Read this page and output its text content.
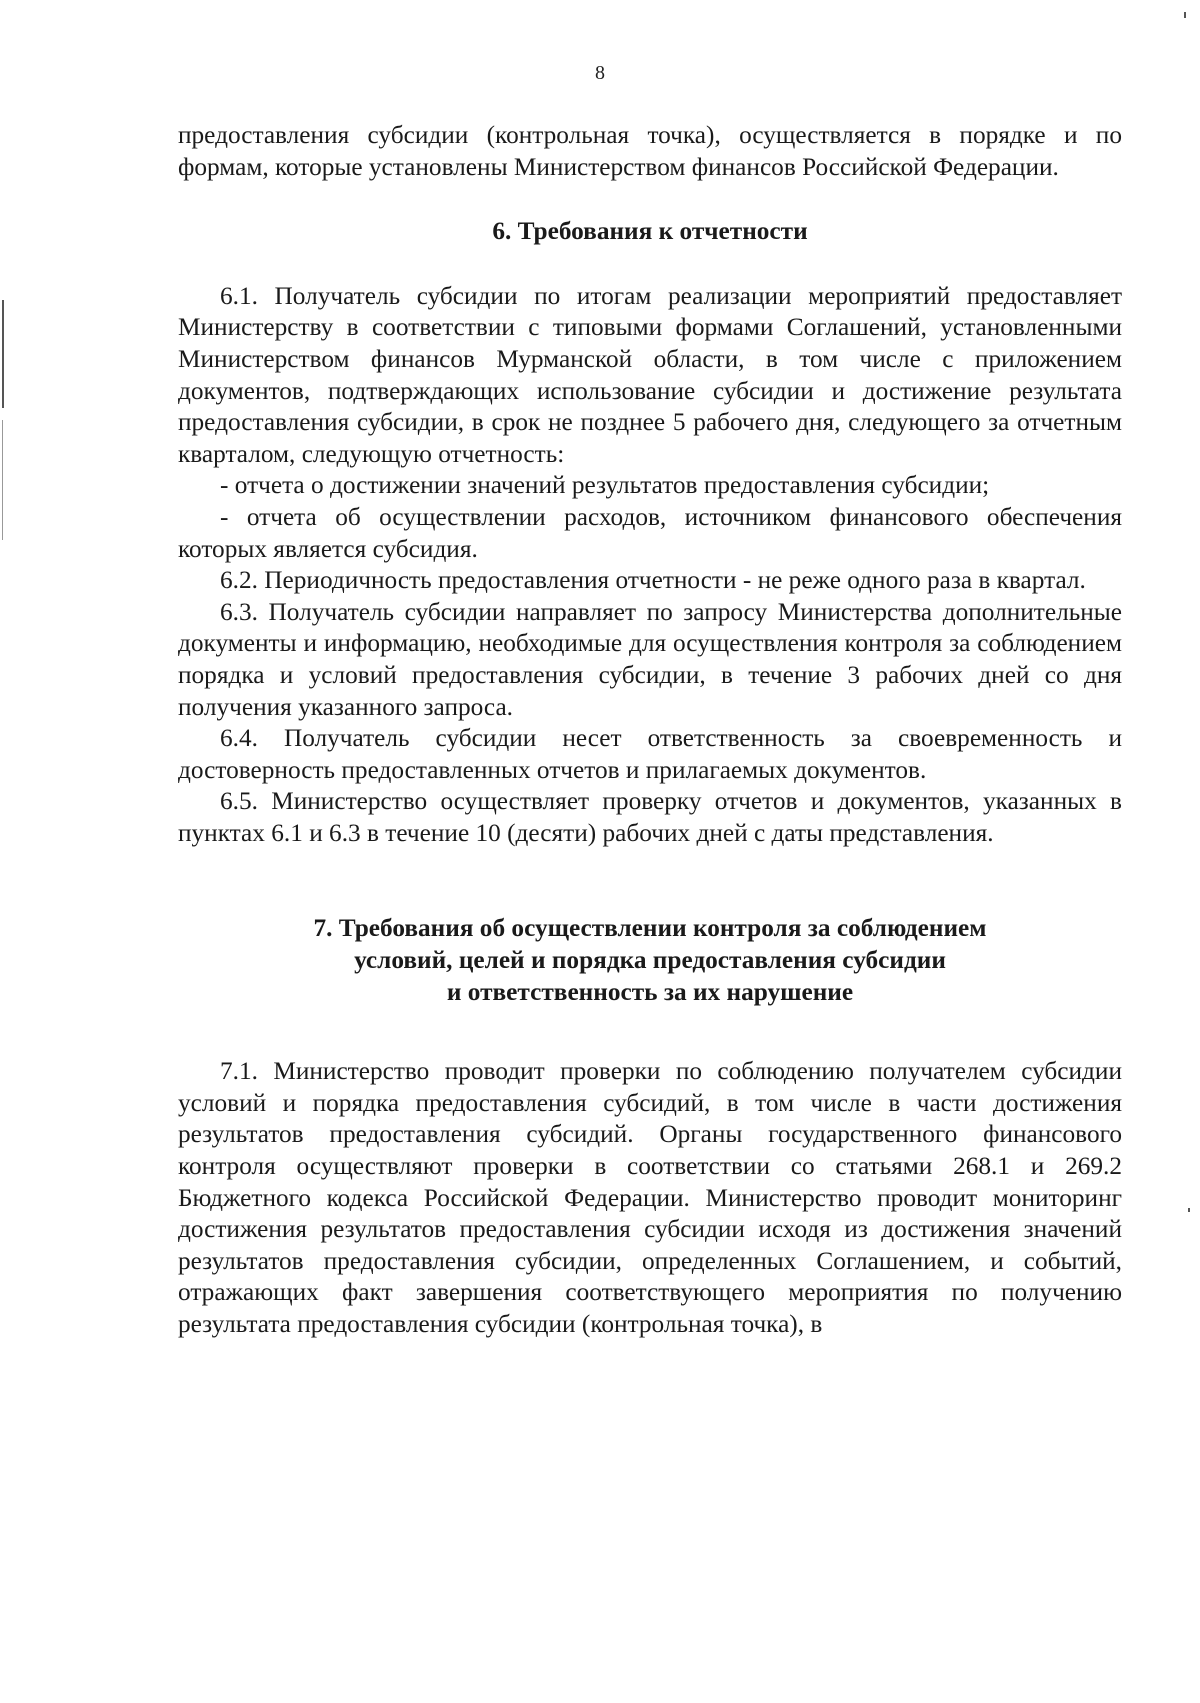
8

предоставления субсидии (контрольная точка), осуществляется в порядке и по формам, которые установлены Министерством финансов Российской Федерации.

6. Требования к отчетности

6.1. Получатель субсидии по итогам реализации мероприятий предоставляет Министерству в соответствии с типовыми формами Соглашений, установленными Министерством финансов Мурманской области, в том числе с приложением документов, подтверждающих использование субсидии и достижение результата предоставления субсидии, в срок не позднее 5 рабочего дня, следующего за отчетным кварталом, следующую отчетность:

- отчета о достижении значений результатов предоставления субсидии;

- отчета об осуществлении расходов, источником финансового обеспечения которых является субсидия.

6.2. Периодичность предоставления отчетности - не реже одного раза в квартал.

6.3. Получатель субсидии направляет по запросу Министерства дополнительные документы и информацию, необходимые для осуществления контроля за соблюдением порядка и условий предоставления субсидии, в течение 3 рабочих дней со дня получения указанного запроса.

6.4. Получатель субсидии несет ответственность за своевременность и достоверность предоставленных отчетов и прилагаемых документов.

6.5. Министерство осуществляет проверку отчетов и документов, указанных в пунктах 6.1 и 6.3 в течение 10 (десяти) рабочих дней с даты представления.

7. Требования об осуществлении контроля за соблюдением
условий, целей и порядка предоставления субсидии
и ответственность за их нарушение

7.1. Министерство проводит проверки по соблюдению получателем субсидии условий и порядка предоставления субсидий, в том числе в части достижения результатов предоставления субсидий. Органы государственного финансового контроля осуществляют проверки в соответствии со статьями 268.1 и 269.2 Бюджетного кодекса Российской Федерации. Министерство проводит мониторинг достижения результатов предоставления субсидии исходя из достижения значений результатов предоставления субсидии, определенных Соглашением, и событий, отражающих факт завершения соответствующего мероприятия по получению результата предоставления субсидии (контрольная точка), в
